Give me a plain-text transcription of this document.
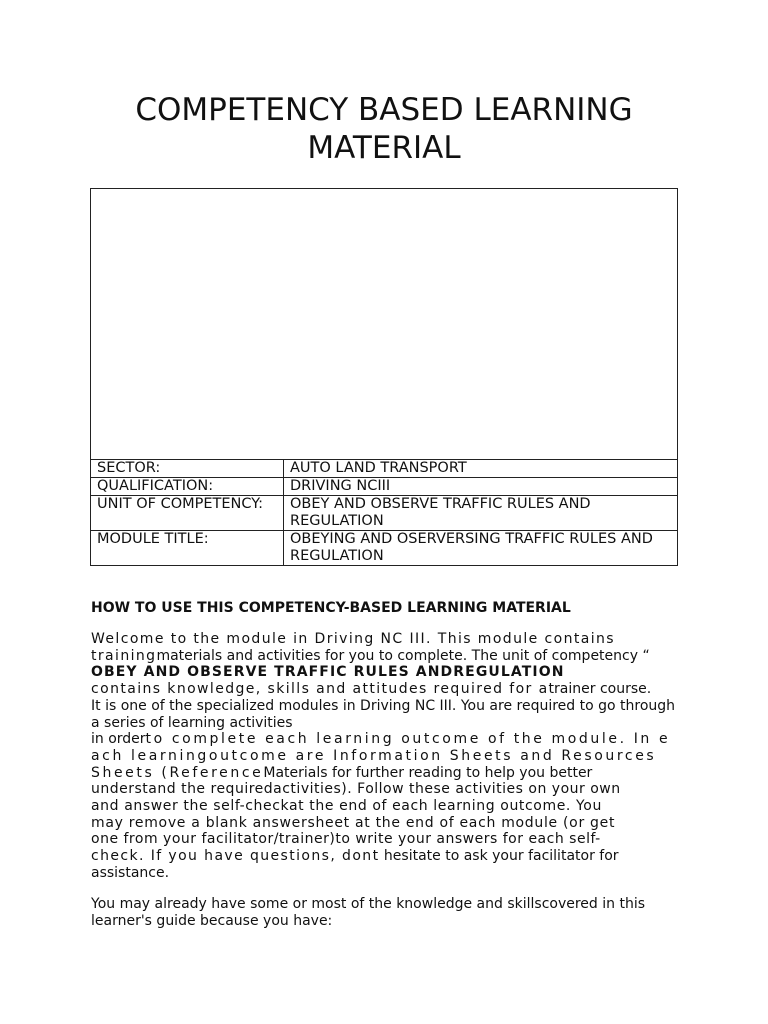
COMPETENCY BASED LEARNING MATERIAL

SECTOR:	AUTO LAND TRANSPORT
QUALIFICATION:	DRIVING NCIII
UNIT OF COMPETENCY:	OBEY AND OBSERVE TRAFFIC RULES AND REGULATION
MODULE TITLE:	OBEYING AND OSERVERSING TRAFFIC RULES AND REGULATION
HOW TO USE THIS COMPETENCY-BASED LEARNING MATERIAL
Welcome to the module in Driving NC III. This module contains
trainingmaterials and activities for you to complete. The unit of competency “
OBEY AND OBSERVE TRAFFIC RULES ANDREGULATION
contains knowledge, skills and attitudes required for atrainer course.
It is one of the specialized modules in Driving NC III. You are required to go through
a series of learning activities
in orderto complete each learning outcome of the module. In e
ach learningoutcome are Information Sheets and Resources
Sheets (ReferenceMaterials for further reading to help you better
understand the requiredactivities). Follow these activities on your own
and answer the self-checkat the end of each learning outcome. You
may remove a blank answersheet at the end of each module (or get
one from your facilitator/trainer)to write your answers for each self-
check. If you have questions, dont hesitate to ask your facilitator for
assistance.
You may already have some or most of the knowledge and skillscovered in this
learner's guide because you have:
